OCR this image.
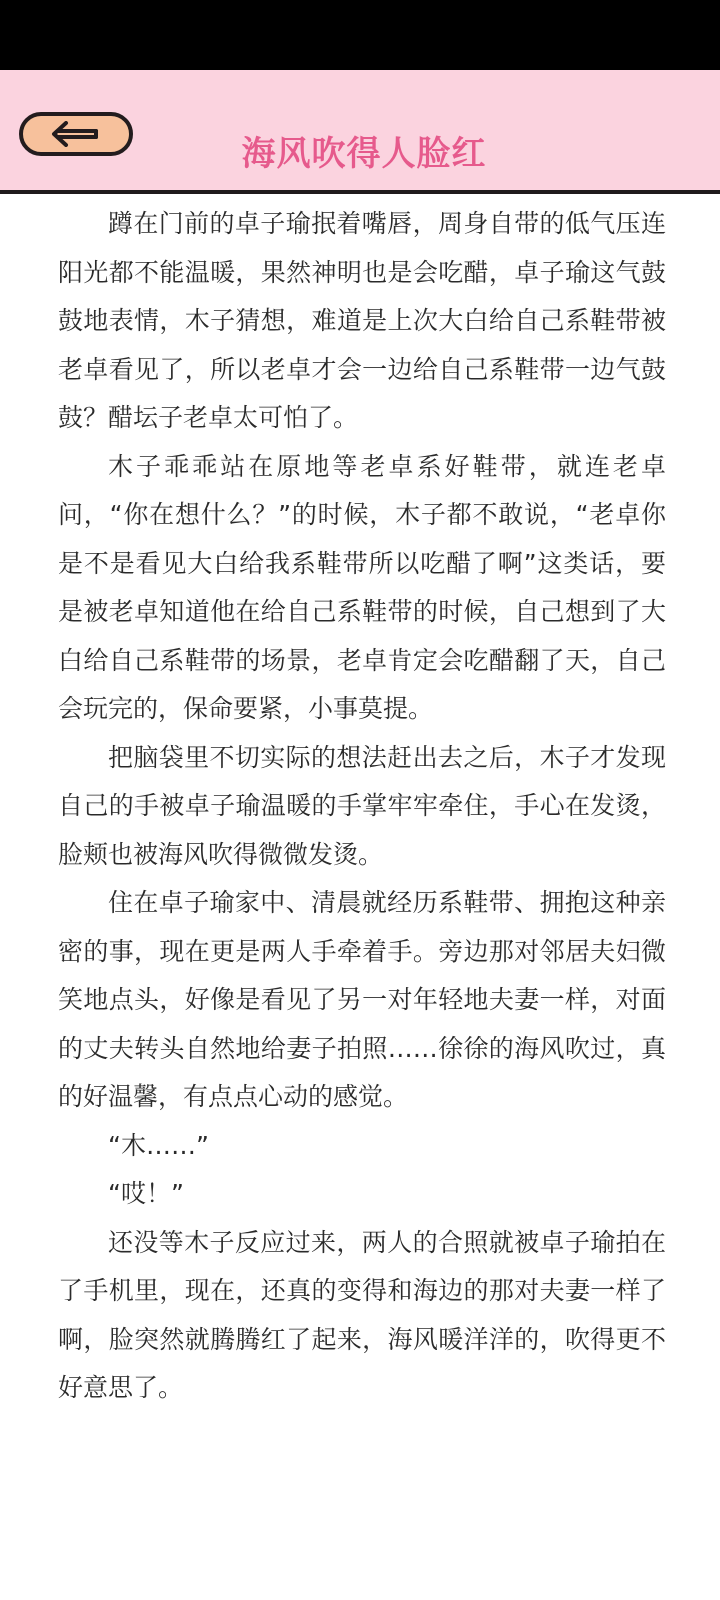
海风吹得人脸红

蹲在门前的卓子瑜抿着嘴唇，周身自带的低气压连阳光都不能温暖，果然神明也是会吃醋，卓子瑜这气鼓鼓地表情，木子猜想，难道是上次大白给自己系鞋带被老卓看见了，所以老卓才会一边给自己系鞋带一边气鼓鼓？醋坛子老卓太可怕了。

木子乖乖站在原地等老卓系好鞋带，就连老卓问，“你在想什么？”的时候，木子都不敢说，“老卓你是不是看见大白给我系鞋带所以吃醋了啊”这类话，要是被老卓知道他在给自己系鞋带的时候，自己想到了大白给自己系鞋带的场景，老卓肯定会吃醋翻了天，自己会玩完的，保命要紧，小事莫提。

把脑袋里不切实际的想法赶出去之后，木子才发现自己的手被卓子瑜温暖的手掌牢牢牵住，手心在发烫，脸颊也被海风吹得微微发烫。

住在卓子瑜家中、清晨就经历系鞋带、拥抱这种亲密的事，现在更是两人手牵着手。旁边那对邻居夫妇微笑地点头，好像是看见了另一对年轻地夫妻一样，对面的丈夫转头自然地给妻子拍照……徐徐的海风吹过，真的好温馨，有点点心动的感觉。

“木……”

“哎！”

还没等木子反应过来，两人的合照就被卓子瑜拍在了手机里，现在，还真的变得和海边的那对夫妻一样了啊，脸突然就腾腾红了起来，海风暖洋洋的，吹得更不好意思了。
